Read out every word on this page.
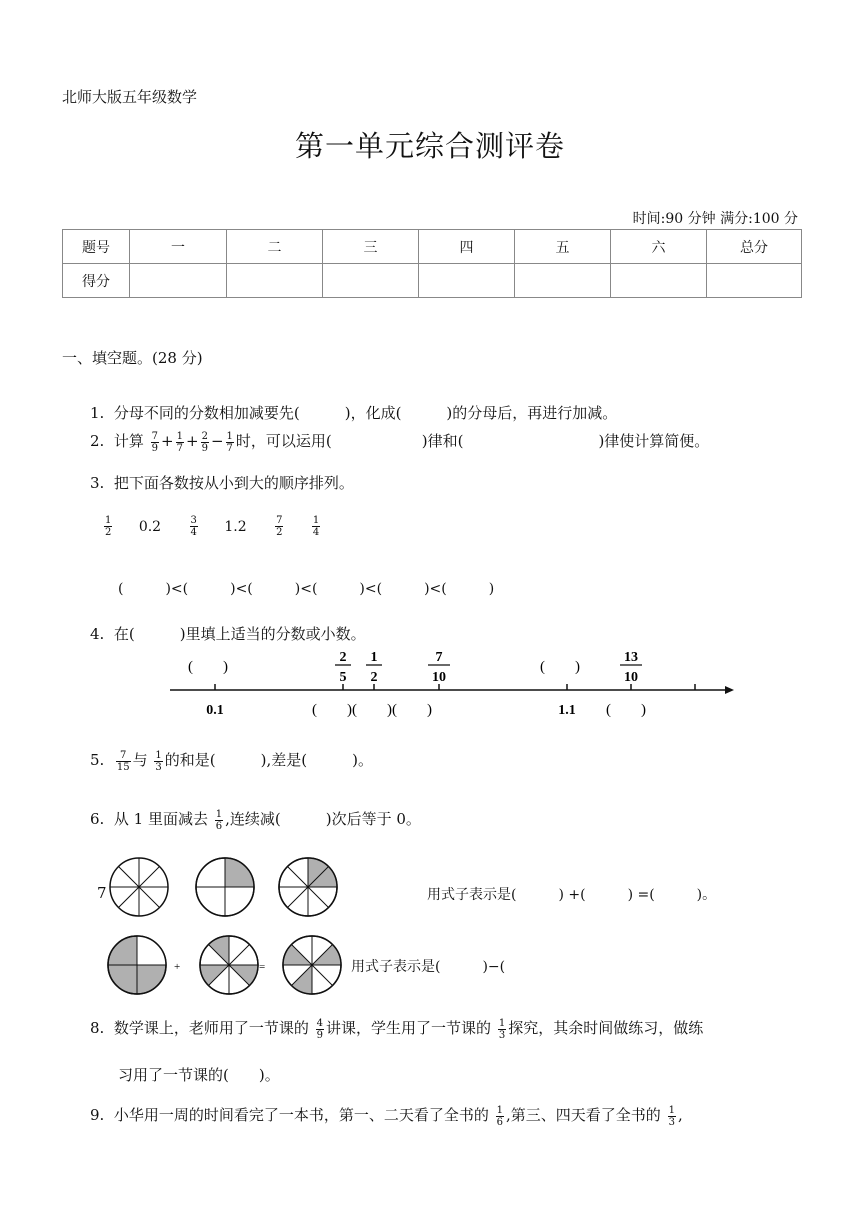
北师大版五年级数学
第一单元综合测评卷
时间:90 分钟 满分:100 分
题号	一	二	三	四	五	六	总分
得分							
一、填空题。(28 分)
1. 分母不同的分数相加减要先(　　　)，化成(　　　)的分母后，再进行加减。
2. 计算 $\frac{7}{9} + \frac{1}{7} + \frac{2}{9} - \frac{1}{7}$ 时，可以运用(　　　　　　)律和(　　　　　　　　　)律使计算简便。
3. 把下面各数按从小到大的顺序排列。
$\frac{1}{2} 0.2$	$\frac{3}{4} 1.2$	$\frac{7}{2}$
	$\frac{1}{4}$
(　　　)<(　　　)<(　　　)<(　　　)<(　　　)<(　　　)
4. 在(　　　)里填上适当的分数或小数。
(　　)
2
5
1
2
7
10
(　　)
13
10
0.1	(　　)(　　)(　　)	1.1 (　　)
5. $\frac{7}{15}$ 与 $\frac{1}{3}$ 的和是(　　　),差是(　　　)。
6. 从 1 里面减去 $\frac{1}{6}$ ,连续减(　　　)次后等于 0。
7	用式子表示是(　　　) +(　　　) =(　　　)。
+	=	用式子表示是(　　　)−(
8. 数学课上，老师用了一节课的 $\frac{4}{9}$ 讲课，学生用了一节课的 $\frac{1}{3}$ 探究，其余时间做练习，做练
习用了一节课的(　　)。
9. 小华用一周的时间看完了一本书，第一、二天看了全书的 $\frac{1}{6}$ ,第三、四天看了全书的 $\frac{1}{3}$ ,
